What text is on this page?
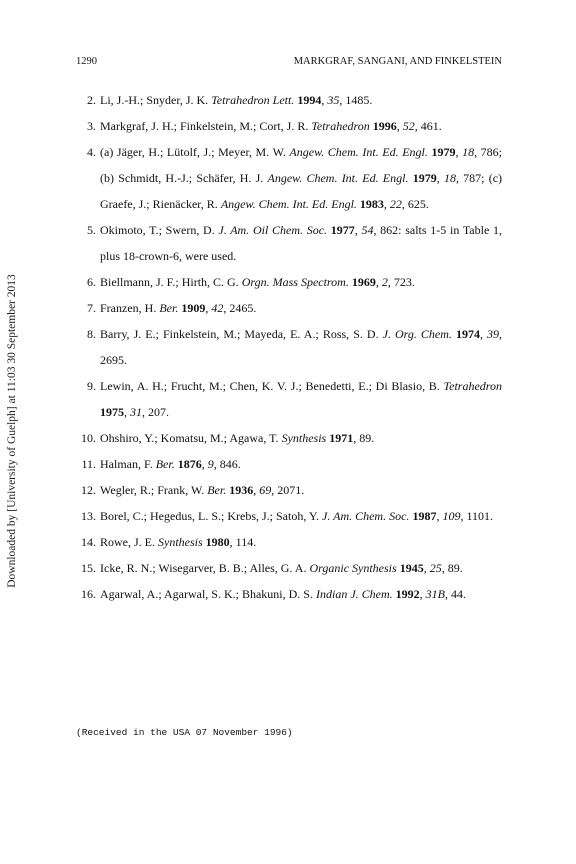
Downloaded by [University of Guelph] at 11:03 30 September 2013
1290	MARKGRAF, SANGANI, AND FINKELSTEIN
2. Li, J.-H.; Snyder, J. K. Tetrahedron Lett. 1994, 35, 1485.
3. Markgraf, J. H.; Finkelstein, M.; Cort, J. R. Tetrahedron 1996, 52, 461.
4. (a) Jäger, H.; Lütolf, J.; Meyer, M. W. Angew. Chem. Int. Ed. Engl. 1979, 18, 786; (b) Schmidt, H.-J.; Schäfer, H. J. Angew. Chem. Int. Ed. Engl. 1979, 18, 787; (c) Graefe, J.; Rienäcker, R. Angew. Chem. Int. Ed. Engl. 1983, 22, 625.
5. Okimoto, T.; Swern, D. J. Am. Oil Chem. Soc. 1977, 54, 862: salts 1-5 in Table 1, plus 18-crown-6, were used.
6. Biellmann, J. F.; Hirth, C. G. Orgn. Mass Spectrom. 1969, 2, 723.
7. Franzen, H. Ber. 1909, 42, 2465.
8. Barry, J. E.; Finkelstein, M.; Mayeda, E. A.; Ross, S. D. J. Org. Chem. 1974, 39, 2695.
9. Lewin, A. H.; Frucht, M.; Chen, K. V. J.; Benedetti, E.; Di Blasio, B. Tetrahedron 1975, 31, 207.
10. Ohshiro, Y.; Komatsu, M.; Agawa, T. Synthesis 1971, 89.
11. Halman, F. Ber. 1876, 9, 846.
12. Wegler, R.; Frank, W. Ber. 1936, 69, 2071.
13. Borel, C.; Hegedus, L. S.; Krebs, J.; Satoh, Y. J. Am. Chem. Soc. 1987, 109, 1101.
14. Rowe, J. E. Synthesis 1980, 114.
15. Icke, R. N.; Wisegarver, B. B.; Alles, G. A. Organic Synthesis 1945, 25, 89.
16. Agarwal, A.; Agarwal, S. K.; Bhakuni, D. S. Indian J. Chem. 1992, 31B, 44.
(Received in the USA 07 November 1996)
